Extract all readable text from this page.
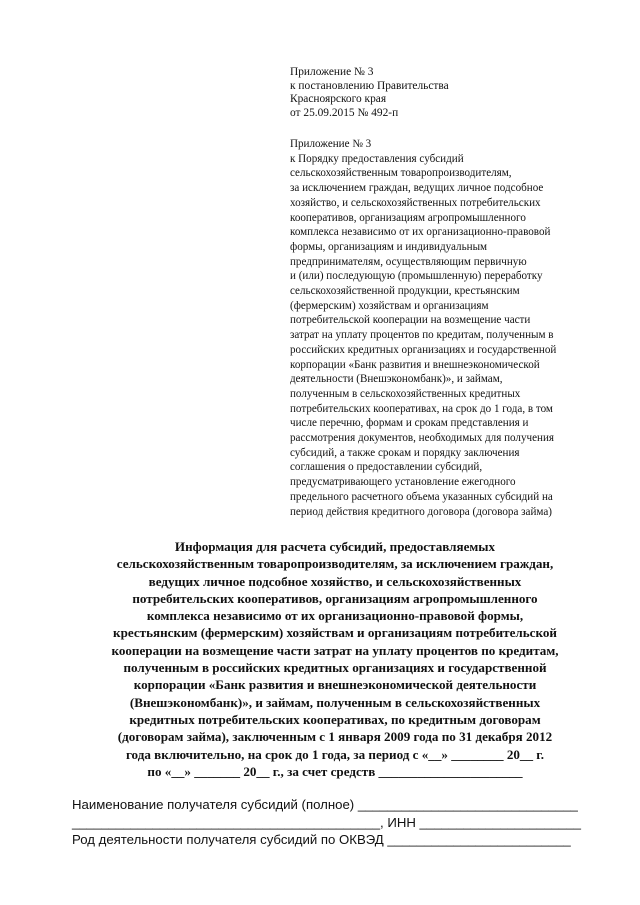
Приложение № 3
к постановлению Правительства
Красноярского края
от 25.09.2015 № 492-п
Приложение № 3
к Порядку предоставления субсидий
сельскохозяйственным товаропроизводителям,
за исключением граждан, ведущих личное подсобное
хозяйство, и сельскохозяйственных потребительских
кооперативов, организациям агропромышленного
комплекса независимо от их организационно-правовой
формы, организациям и индивидуальным
предпринимателям, осуществляющим первичную
и (или) последующую (промышленную) переработку
сельскохозяйственной продукции, крестьянским
(фермерским) хозяйствам и организациям
потребительской кооперации на возмещение части
затрат на уплату процентов по кредитам, полученным в
российских кредитных организациях и государственной
корпорации «Банк развития и внешнеэкономической
деятельности (Внешэкономбанк)», и займам,
полученным в сельскохозяйственных кредитных
потребительских кооперативах, на срок до 1 года, в том
числе перечню, формам и срокам представления и
рассмотрения документов, необходимых для получения
субсидий, а также срокам и порядку заключения
соглашения о предоставлении субсидий,
предусматривающего установление ежегодного
предельного расчетного объема указанных субсидий на
период действия кредитного договора (договора займа)
Информация для расчета субсидий, предоставляемых
сельскохозяйственным товаропроизводителям, за исключением граждан,
ведущих личное подсобное хозяйство, и сельскохозяйственных
потребительских кооперативов, организациям агропромышленного
комплекса независимо от их организационно-правовой формы,
крестьянским (фермерским) хозяйствам и организациям потребительской
кооперации на возмещение части затрат на уплату процентов по кредитам,
полученным в российских кредитных организациях и государственной
корпорации «Банк развития и внешнеэкономической деятельности
(Внешэкономбанк)», и займам, полученным в сельскохозяйственных
кредитных потребительских кооперативах, по кредитным договорам
(договорам займа), заключенным с 1 января 2009 года по 31 декабря 2012
года включительно, на срок до 1 года, за период с «__» ________ 20__ г.
по «__» _______ 20__ г., за счет средств ______________________
Наименование получателя субсидий (полное) ______________________________
__________________________________________, ИНН ______________________
Род деятельности получателя субсидий по ОКВЭД _________________________
